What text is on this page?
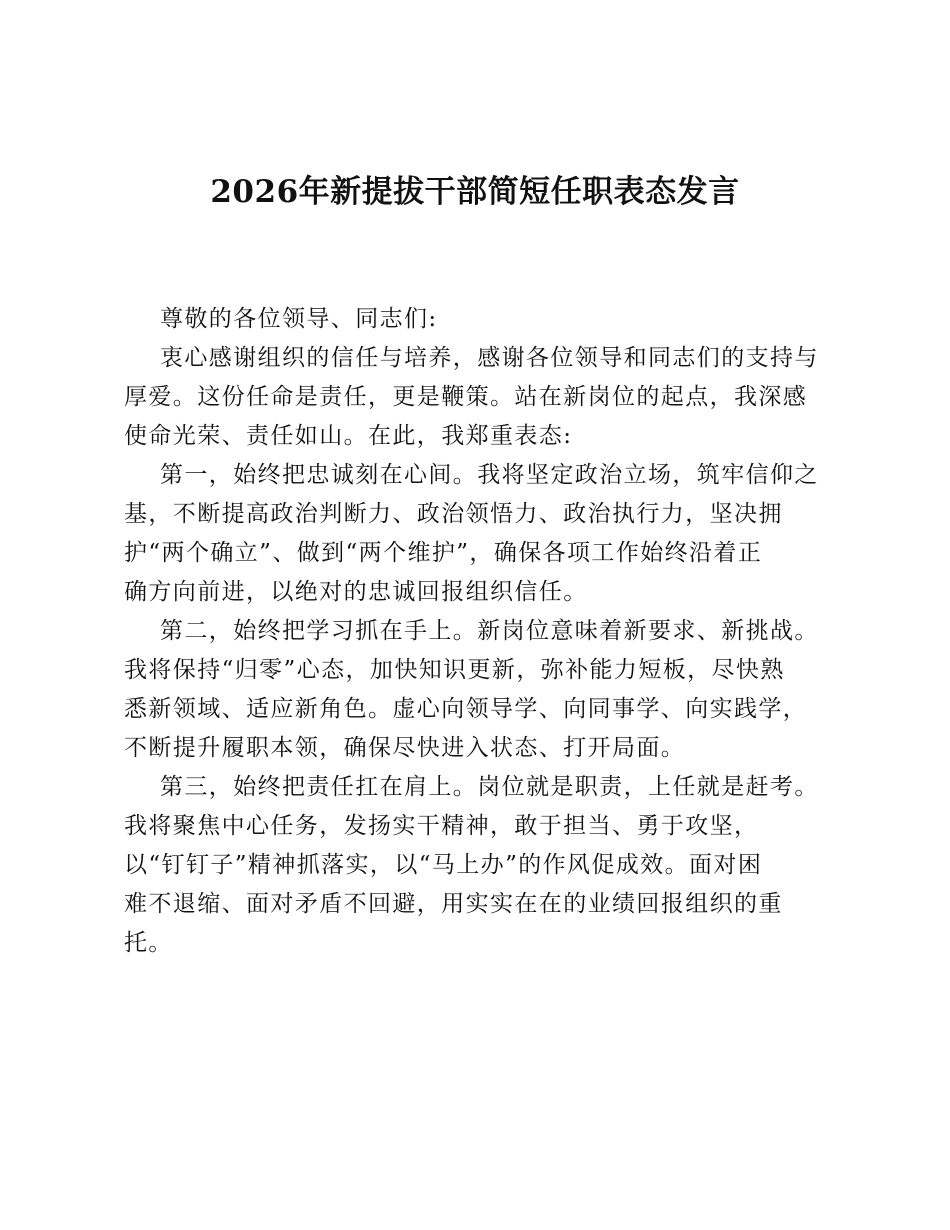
2026年新提拔干部简短任职表态发言
尊敬的各位领导、同志们:
衷心感谢组织的信任与培养，感谢各位领导和同志们的支持与
厚爱。这份任命是责任，更是鞭策。站在新岗位的起点，我深感
使命光荣、责任如山。在此，我郑重表态:
第一，始终把忠诚刻在心间。我将坚定政治立场，筑牢信仰之
基，不断提高政治判断力、政治领悟力、政治执行力，坚决拥
护“两个确立”、做到“两个维护”，确保各项工作始终沿着正
确方向前进，以绝对的忠诚回报组织信任。
第二，始终把学习抓在手上。新岗位意味着新要求、新挑战。
我将保持“归零”心态，加快知识更新，弥补能力短板，尽快熟
悉新领域、适应新角色。虚心向领导学、向同事学、向实践学，
不断提升履职本领，确保尽快进入状态、打开局面。
第三，始终把责任扛在肩上。岗位就是职责，上任就是赶考。
我将聚焦中心任务，发扬实干精神，敢于担当、勇于攻坚，
以“钉钉子”精神抓落实，以“马上办”的作风促成效。面对困
难不退缩、面对矛盾不回避，用实实在在的业绩回报组织的重
托。
